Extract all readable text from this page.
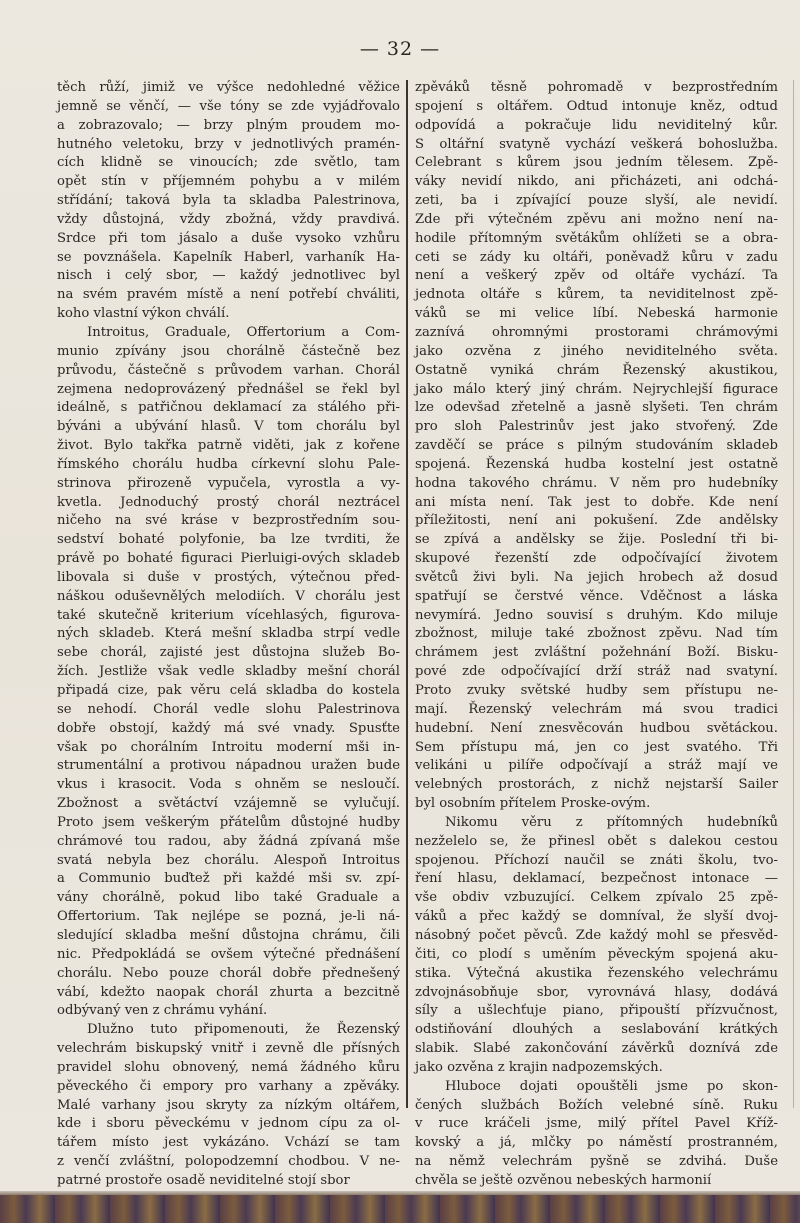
— 32 —
těch růží, jimiž ve výšce nedohledné věžice
jemně se věnčí, — vše tóny se zde vyjádřovalo
a zobrazovalo; — brzy plným proudem mo-
hutného veletoku, brzy v jednotlivých pramén-
cích klidně se vinoucích; zde světlo, tam
opět stín v příjemném pohybu a v milém
střídání; taková byla ta skladba Palestrinova,
vždy důstojná, vždy zbožná, vždy pravdivá.
Srdce při tom jásalo a duše vysoko vzhůru
se povznášela. Kapelník Haberl, varhaník Ha-
nisch i celý sbor, — každý jednotlivec byl
na svém pravém místě a není potřebí chváliti,
koho vlastní výkon chválí.
Introitus, Graduale, Offertorium a Com-
munio zpívány jsou chorálně částečně bez
průvodu, částečně s průvodem varhan. Chorál
zejmena nedoprovázený přednášel se řekl byl
ideálně, s patřičnou deklamací za stálého při-
býváni a ubývání hlasů. V tom chorálu byl
život. Bylo takřka patrně viděti, jak z kořene
římského chorálu hudba církevní slohu Pale-
strinova přirozeně vypučela, vyrostla a vy-
kvetla. Jednoduchý prostý chorál neztrácel
ničeho na své kráse v bezprostředním sou-
sedství bohaté polyfonie, ba lze tvrditi, že
právě po bohaté figuraci Pierluigi-ových skladeb
libovala si duše v prostých, výtečnou před-
náškou oduševnělých melodiích. V chorálu jest
také skutečně kriterium vícehlasých, figurova-
ných skladeb. Která mešní skladba strpí vedle
sebe chorál, zajisté jest důstojna služeb Bo-
žích. Jestliže však vedle skladby mešní chorál
připadá cize, pak věru celá skladba do kostela
se nehodí. Chorál vedle slohu Palestrinova
dobře obstojí, každý má své vnady. Spusťte
však po chorálním Introitu moderní mši in-
strumentální a protivou nápadnou uražen bude
vkus i krasocit. Voda s ohněm se nesloučí.
Zbožnost a světáctví vzájemně se vylučují.
Proto jsem veškerým přátelům důstojné hudby
chrámové tou radou, aby žádná zpívaná mše
svatá nebyla bez chorálu. Alespoň Introitus
a Communio buďtež při každé mši sv. zpí-
vány chorálně, pokud libo také Graduale a
Offertorium. Tak nejlépe se pozná, je-li ná-
sledující skladba mešní důstojna chrámu, čili
nic. Předpokládá se ovšem výtečné přednášení
chorálu. Nebo pouze chorál dobře přednešený
vábí, kdežto naopak chorál zhurta a bezcitně
odbývaný ven z chrámu vyhání.
Dlužno tuto připomenouti, že Řezenský
velechrám biskupský vnitř i zevně dle přísných
pravidel slohu obnovený, nemá žádného kůru
pěveckého či empory pro varhany a zpěváky.
Malé varhany jsou skryty za nízkým oltářem,
kde i sboru pěveckému v jednom cípu za ol-
tářem místo jest vykázáno. Vchází se tam
z venčí zvláštní, polopodzemní chodbou. V ne-
patrné prostoře osadě neviditelné stojí sbor
zpěváků těsně pohromadě v bezprostředním
spojení s oltářem. Odtud intonuje kněz, odtud
odpovídá a pokračuje lidu neviditelný kůr.
S oltářní svatyně vychází veškerá bohoslužba.
Celebrant s kůrem jsou jedním tělesem. Zpě-
váky nevidí nikdo, ani přicházeti, ani odchá-
zeti, ba i zpívající pouze slyší, ale nevidí.
Zde při výtečném zpěvu ani možno není na-
hodile přítomným světákům ohlížeti se a obra-
ceti se zády ku oltáři, poněvadž kůru v zadu
není a veškerý zpěv od oltáře vychází. Ta
jednota oltáře s kůrem, ta neviditelnost zpě-
váků se mi velice líbí. Nebeská harmonie
zaznívá ohromnými prostorami chrámovými
jako ozvěna z jiného neviditelného světa.
Ostatně vyniká chrám Řezenský akustikou,
jako málo který jiný chrám. Nejrychlejší figurace
lze odevšad zřetelně a jasně slyšeti. Ten chrám
pro sloh Palestrinův jest jako stvořený. Zde
zavděčí se práce s pilným studováním skladeb
spojená. Řezenská hudba kostelní jest ostatně
hodna takového chrámu. V něm pro hudebníky
ani místa není. Tak jest to dobře. Kde není
příležitosti, není ani pokušení. Zde andělsky
se zpívá a andělsky se žije. Poslední tři bi-
skupové řezenští zde odpočívající životem
světců živi byli. Na jejich hrobech až dosud
spatřují se čerstvé věnce. Vděčnost a láska
nevymírá. Jedno souvisí s druhým. Kdo miluje
zbožnost, miluje také zbožnost zpěvu. Nad tím
chrámem jest zvláštní požehnání Boží. Bisku-
pové zde odpočívající drží stráž nad svatyní.
Proto zvuky světské hudby sem přístupu ne-
mají. Řezenský velechrám má svou tradici
hudební. Není znesvěcován hudbou světáckou.
Sem přístupu má, jen co jest svatého. Tři
velikáni u pilíře odpočívají a stráž mají ve
velebných prostorách, z nichž nejstarší Sailer
byl osobním přítelem Proske-ovým.
Nikomu věru z přítomných hudebníků
nezželelo se, že přinesl obět s dalekou cestou
spojenou. Příchozí naučil se znáti školu, tvo-
ření hlasu, deklamací, bezpečnost intonace —
vše obdiv vzbuzující. Celkem zpívalo 25 zpě-
váků a přec každý se domníval, že slyší dvoj-
násobný počet pěvců. Zde každý mohl se přesvěd-
čiti, co plodí s uměním pěveckým spojená aku-
stika. Výtečná akustika řezenského velechrámu
zdvojnásobňuje sbor, vyrovnává hlasy, dodává
síly a ušlechťuje piano, připouští přízvučnost,
odstiňování dlouhých a seslabování krátkých
slabik. Slabé zakončování závěrků doznívá zde
jako ozvěna z krajin nadpozemských.
Hluboce dojati opouštěli jsme po skon-
čených službách Božích velebné síně. Ruku
v ruce kráčeli jsme, milý přítel Pavel Kříž-
kovský a já, mlčky po náměstí prostranném,
na němž velechrám pyšně se zdvihá. Duše
chvěla se ještě ozvěnou nebeských harmonií
